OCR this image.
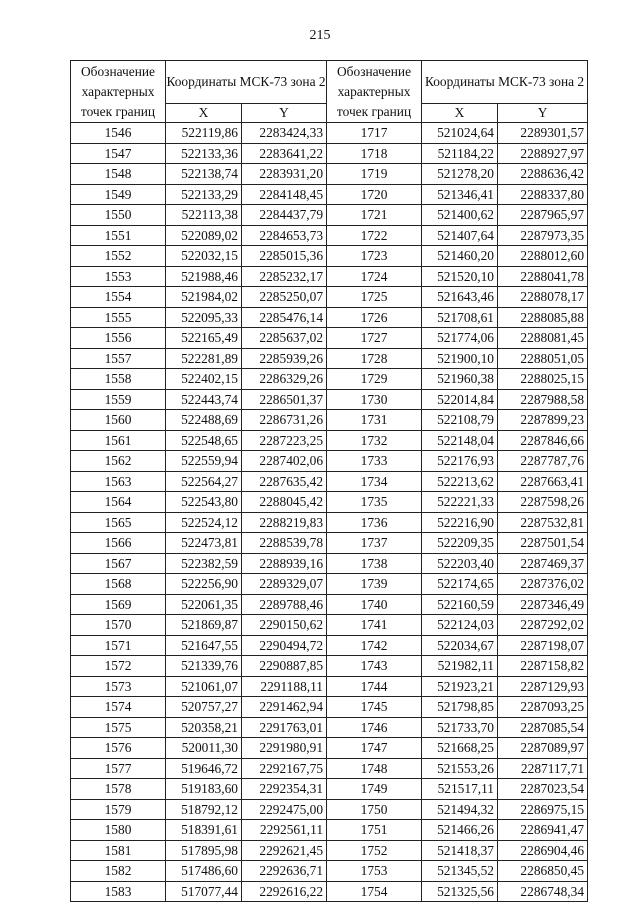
215
Обозначение характерных точек границ	Координаты МСК-73 зона 2		Обозначение характерных точек границ	Координаты МСК-73 зона 2	
	X	Y		X	Y
1546	522119,86	2283424,33	1717	521024,64	2289301,57
1547	522133,36	2283641,22	1718	521184,22	2288927,97
1548	522138,74	2283931,20	1719	521278,20	2288636,42
1549	522133,29	2284148,45	1720	521346,41	2288337,80
1550	522113,38	2284437,79	1721	521400,62	2287965,97
1551	522089,02	2284653,73	1722	521407,64	2287973,35
1552	522032,15	2285015,36	1723	521460,20	2288012,60
1553	521988,46	2285232,17	1724	521520,10	2288041,78
1554	521984,02	2285250,07	1725	521643,46	2288078,17
1555	522095,33	2285476,14	1726	521708,61	2288085,88
1556	522165,49	2285637,02	1727	521774,06	2288081,45
1557	522281,89	2285939,26	1728	521900,10	2288051,05
1558	522402,15	2286329,26	1729	521960,38	2288025,15
1559	522443,74	2286501,37	1730	522014,84	2287988,58
1560	522488,69	2286731,26	1731	522108,79	2287899,23
1561	522548,65	2287223,25	1732	522148,04	2287846,66
1562	522559,94	2287402,06	1733	522176,93	2287787,76
1563	522564,27	2287635,42	1734	522213,62	2287663,41
1564	522543,80	2288045,42	1735	522221,33	2287598,26
1565	522524,12	2288219,83	1736	522216,90	2287532,81
1566	522473,81	2288539,78	1737	522209,35	2287501,54
1567	522382,59	2288939,16	1738	522203,40	2287469,37
1568	522256,90	2289329,07	1739	522174,65	2287376,02
1569	522061,35	2289788,46	1740	522160,59	2287346,49
1570	521869,87	2290150,62	1741	522124,03	2287292,02
1571	521647,55	2290494,72	1742	522034,67	2287198,07
1572	521339,76	2290887,85	1743	521982,11	2287158,82
1573	521061,07	2291188,11	1744	521923,21	2287129,93
1574	520757,27	2291462,94	1745	521798,85	2287093,25
1575	520358,21	2291763,01	1746	521733,70	2287085,54
1576	520011,30	2291980,91	1747	521668,25	2287089,97
1577	519646,72	2292167,75	1748	521553,26	2287117,71
1578	519183,60	2292354,31	1749	521517,11	2287023,54
1579	518792,12	2292475,00	1750	521494,32	2286975,15
1580	518391,61	2292561,11	1751	521466,26	2286941,47
1581	517895,98	2292621,45	1752	521418,37	2286904,46
1582	517486,60	2292636,71	1753	521345,52	2286850,45
1583	517077,44	2292616,22	1754	521325,56	2286748,34
